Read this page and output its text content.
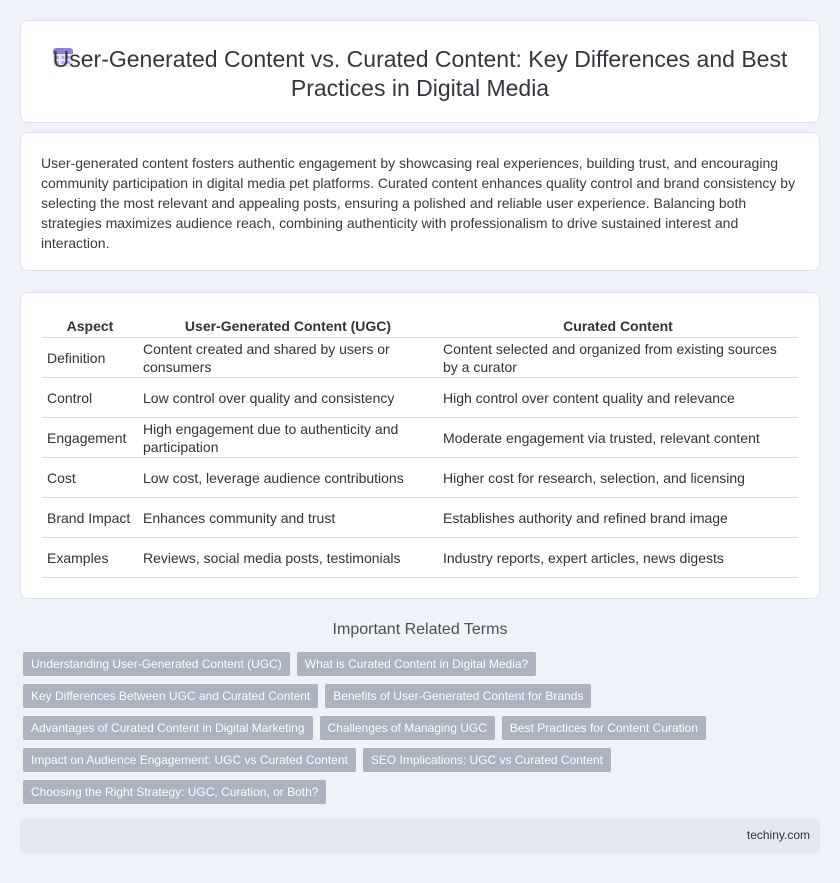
User-Generated Content vs. Curated Content: Key Differences and Best Practices in Digital Media

User-generated content fosters authentic engagement by showcasing real experiences, building trust, and encouraging community participation in digital media pet platforms. Curated content enhances quality control and brand consistency by selecting the most relevant and appealing posts, ensuring a polished and reliable user experience. Balancing both strategies maximizes audience reach, combining authenticity with professionalism to drive sustained interest and interaction.

Aspect	User-Generated Content (UGC)	Curated Content
Definition	Content created and shared by users or consumers	Content selected and organized from existing sources by a curator
Control	Low control over quality and consistency	High control over content quality and relevance
Engagement	High engagement due to authenticity and participation	Moderate engagement via trusted, relevant content
Cost	Low cost, leverage audience contributions	Higher cost for research, selection, and licensing
Brand Impact	Enhances community and trust	Establishes authority and refined brand image
Examples	Reviews, social media posts, testimonials	Industry reports, expert articles, news digests
Important Related Terms
Understanding User-Generated Content (UGC)	What is Curated Content in Digital Media?
Key Differences Between UGC and Curated Content	Benefits of User-Generated Content for Brands
Advantages of Curated Content in Digital Marketing	Challenges of Managing UGC	Best Practices for Content Curation
Impact on Audience Engagement: UGC vs Curated Content	SEO Implications: UGC vs Curated Content
Choosing the Right Strategy: UGC, Curation, or Both?
techiny.com
